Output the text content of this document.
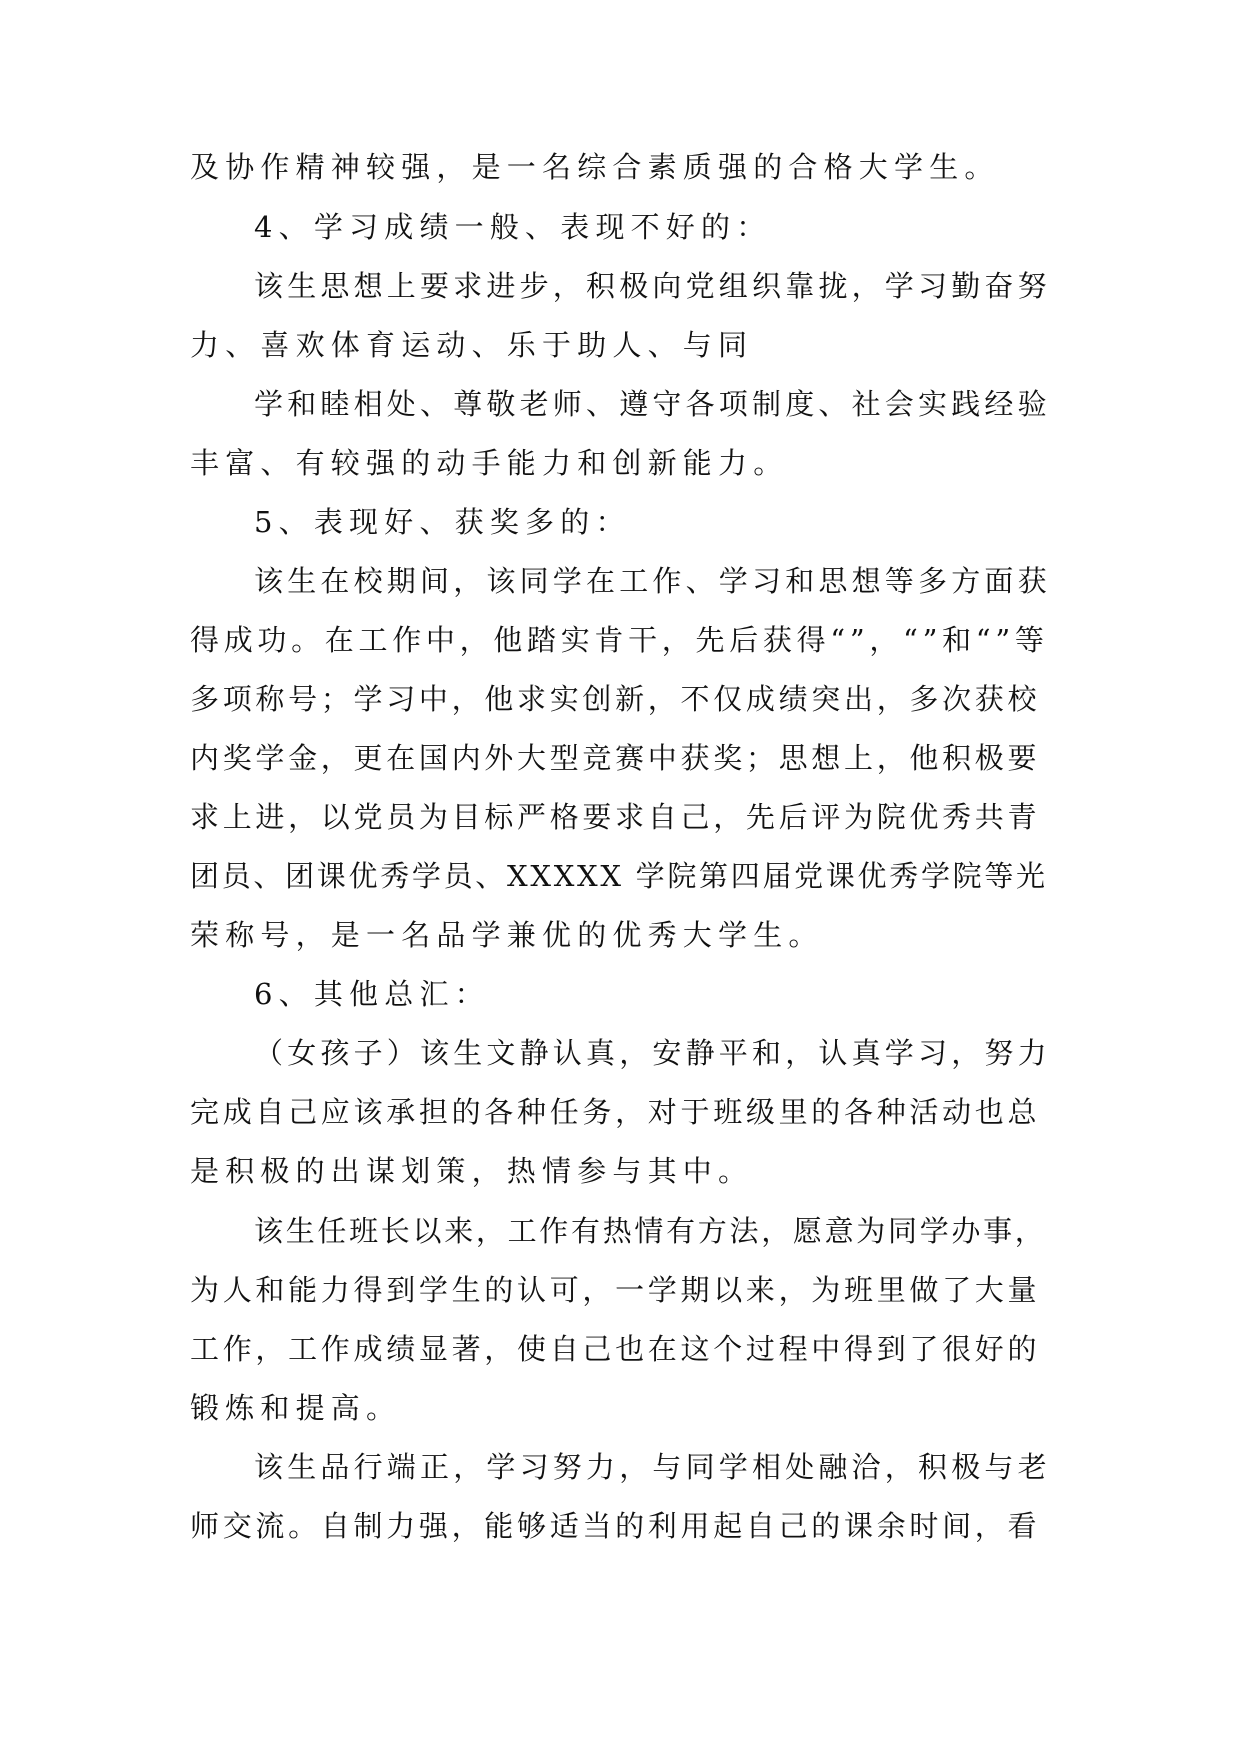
及协作精神较强，是一名综合素质强的合格大学生。

4、学习成绩一般、表现不好的：

该生思想上要求进步，积极向党组织靠拢，学习勤奋努

力、喜欢体育运动、乐于助人、与同

学和睦相处、尊敬老师、遵守各项制度、社会实践经验

丰富、有较强的动手能力和创新能力。

5、表现好、获奖多的：

该生在校期间，该同学在工作、学习和思想等多方面获

得成功。在工作中，他踏实肯干，先后获得“”，“”和“”等

多项称号；学习中，他求实创新，不仅成绩突出，多次获校

内奖学金，更在国内外大型竞赛中获奖；思想上，他积极要

求上进，以党员为目标严格要求自己，先后评为院优秀共青

团员、团课优秀学员、XXXXX 学院第四届党课优秀学院等光

荣称号，是一名品学兼优的优秀大学生。

6、其他总汇：

（女孩子）该生文静认真，安静平和，认真学习，努力

完成自己应该承担的各种任务，对于班级里的各种活动也总

是积极的出谋划策，热情参与其中。

该生任班长以来，工作有热情有方法，愿意为同学办事，

为人和能力得到学生的认可，一学期以来，为班里做了大量

工作，工作成绩显著，使自己也在这个过程中得到了很好的

锻炼和提高。

该生品行端正，学习努力，与同学相处融洽，积极与老

师交流。自制力强，能够适当的利用起自己的课余时间，看
